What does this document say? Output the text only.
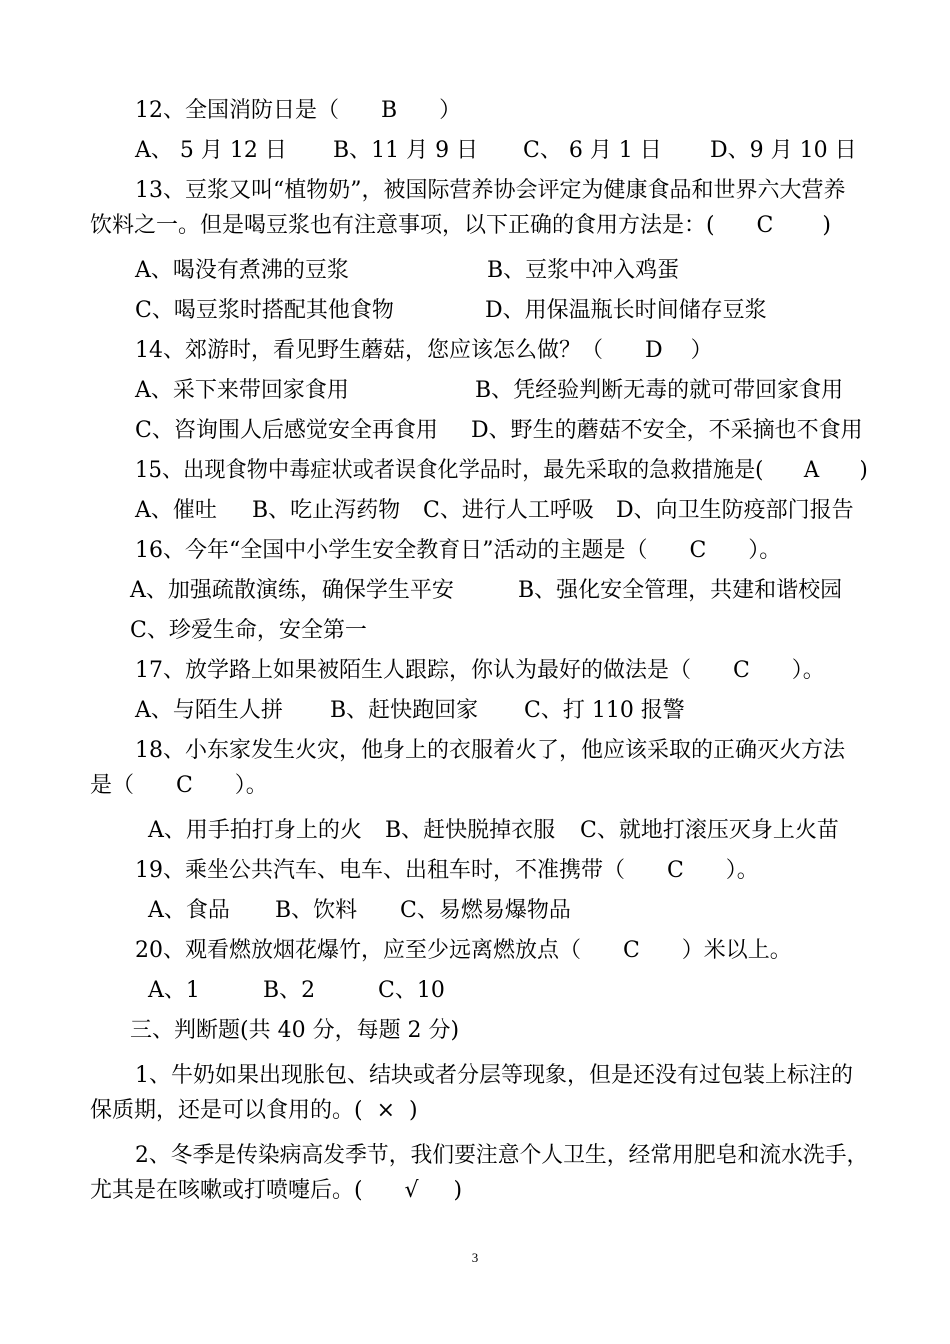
12、全国消防日是（      B      ）
A、 5 月 12 日 B、11 月 9 日 C、 6 月 1 日 D、9 月 10 日
13、豆浆又叫“植物奶”，被国际营养协会评定为健康食品和世界六大营养
饮料之一。但是喝豆浆也有注意事项，以下正确的食用方法是：(      C       )
A、喝没有煮沸的豆浆	B、豆浆中冲入鸡蛋
C、喝豆浆时搭配其他食物	D、用保温瓶长时间储存豆浆
14、郊游时，看见野生蘑菇，您应该怎么做？（      D    ）
A、采下来带回家食用	B、凭经验判断无毒的就可带回家食用
C、咨询围人后感觉安全再食用 D、野生的蘑菇不安全，不采摘也不食用
15、出现食物中毒症状或者误食化学品时，最先采取的急救措施是(      A      )
A、催吐 B、吃止泻药物 C、进行人工呼吸 D、向卫生防疫部门报告
16、今年“全国中小学生安全教育日”活动的主题是（      C      ）。
A、加强疏散演练，确保学生平安	B、强化安全管理，共建和谐校园
C、珍爱生命，安全第一
17、放学路上如果被陌生人跟踪，你认为最好的做法是（      C      ）。
A、与陌生人拼 B、赶快跑回家 C、打 110 报警
18、小东家发生火灾，他身上的衣服着火了，他应该采取的正确灭火方法
是（      C      ）。
A、用手拍打身上的火 B、赶快脱掉衣服 C、就地打滚压灭身上火苗
19、乘坐公共汽车、电车、出租车时，不准携带（      C      ）。
A、食品 B、饮料 C、易燃易爆物品
20、观看燃放烟花爆竹，应至少远离燃放点（      C      ）米以上。
A、1	B、2	C、10
三、判断题(共 40 分，每题 2 分)
1、牛奶如果出现胀包、结块或者分层等现象，但是还没有过包装上标注的
保质期，还是可以食用的。(  ×  )
2、冬季是传染病高发季节，我们要注意个人卫生，经常用肥皂和流水洗手，
尤其是在咳嗽或打喷嚏后。(      √     )
3
